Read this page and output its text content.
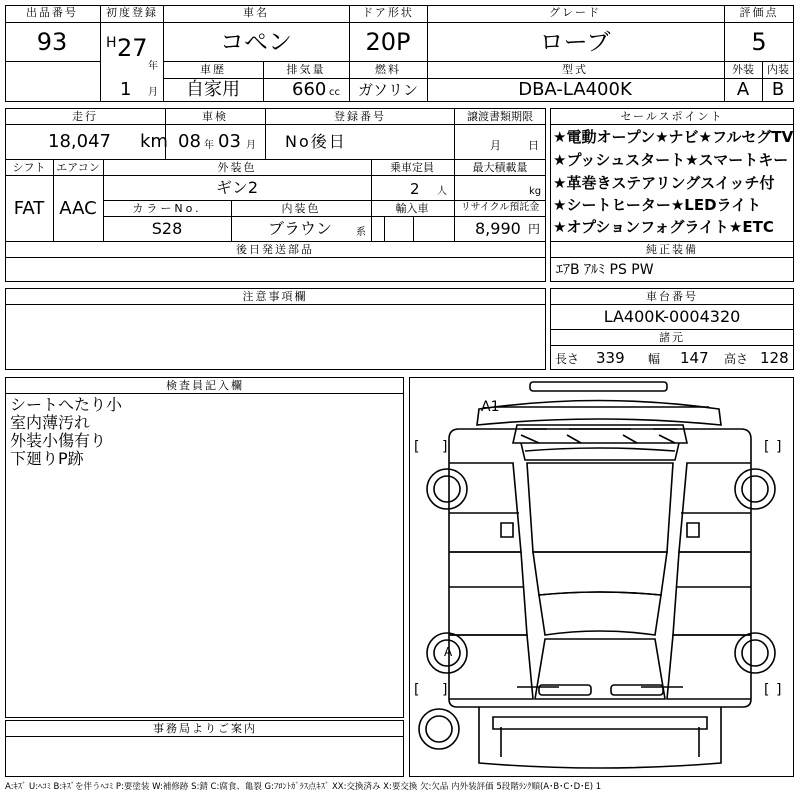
出品番号
93
初度登録
H 27
年
1 月
車名
コペン
ドア形状
20P
グレード
ローブ
評価点
5
車歴
自家用
排気量
660 cc
燃料
ガソリン
型式
DBA-LA400K
外装
A
内装
B
走行
18,047 km
車検
08 年 03 月
登録番号
No後日
譲渡書類期限
月 日
シフト
FAT
エアコン
AAC
外装色
ギン2
乗車定員
2 人
最大積載量
kg
カラーNo.
S28
内装色
ブラウン 系
輸入車	リサイクル預託金
8,990 円
後日発送部品
セールスポイント
★電動オープン★ナビ★フルセグTV
★プッシュスタート★スマートキー
★革巻きステアリングスイッチ付
★シートヒーター★LEDライト
★オプションフォグライト★ETC
純正装備
ｴｱB ｱﾙﾐ PS PW
注意事項欄	車台番号
LA400K-0004320
諸元
長さ 339 幅 147 高さ 128
検査員記入欄
シートへたり小
室内薄汚れ
外装小傷有り
下廻りP跡
事務局よりご案内
A1
A
[ ]	[ ]
[ ]	[ ]
A:ｷｽﾞ U:ﾍｺﾐ B:ｷｽﾞを伴うﾍｺﾐ P:要塗装 W:補修跡 S:錆 C:腐食、亀裂 G:ﾌﾛﾝﾄｶﾞﾗｽ点ｷｽﾞ XX:交換済み X:要交換 欠:欠品 内外装評価 5段階ﾗﾝｸ順(A･B･C･D･E) 1
